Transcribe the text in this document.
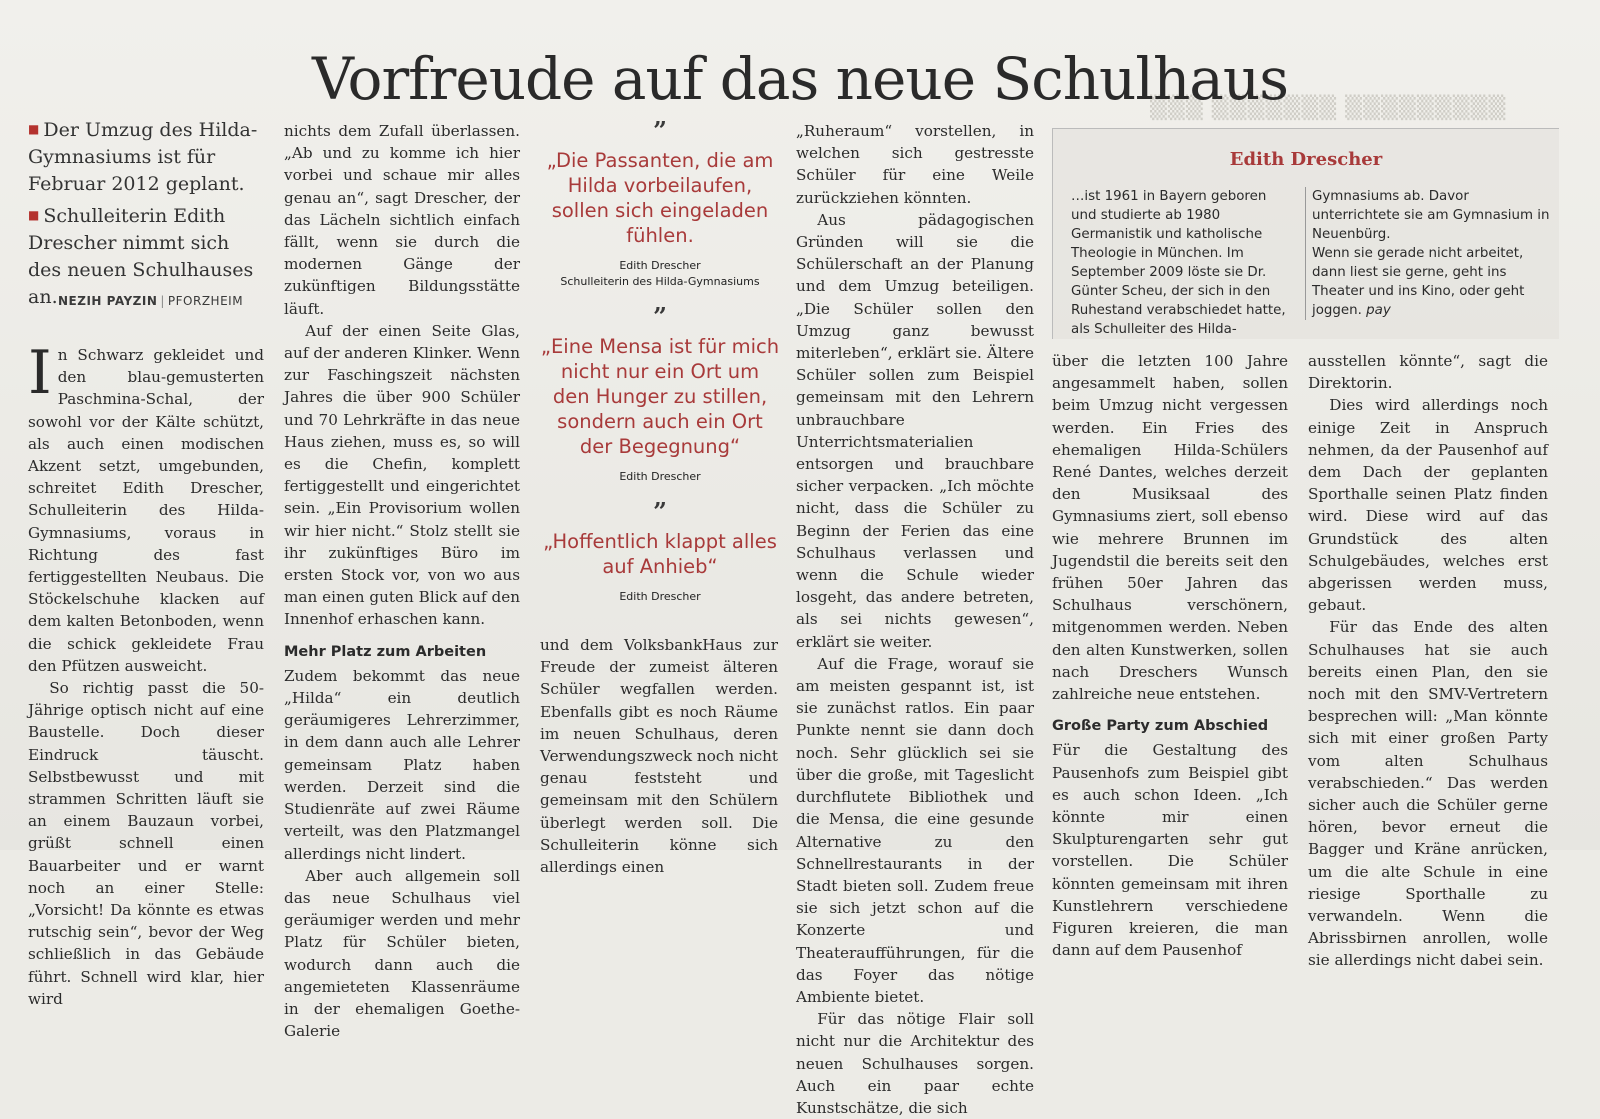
▒▒▒ ▒▒▒▒▒▒▒ ▒▒▒▒▒▒▒▒▒
Vorfreude auf das neue Schulhaus
■ Der Umzug des Hilda-Gymnasiums ist für Februar 2012 geplant.
■ Schulleiterin Edith Drescher nimmt sich des neuen Schulhauses an. NEZIH PAYZIN | PFORZHEIM

In Schwarz gekleidet und den blau-gemusterten Paschmina-Schal, der sowohl vor der Kälte schützt, als auch einen modischen Akzent setzt, umgebunden, schreitet Edith Drescher, Schulleiterin des Hilda-Gymnasiums, voraus in Richtung des fast fertiggestellten Neubaus. Die Stöckelschuhe klacken auf dem kalten Betonboden, wenn die schick gekleidete Frau den Pfützen ausweicht.

So richtig passt die 50-Jährige optisch nicht auf eine Baustelle. Doch dieser Eindruck täuscht. Selbstbewusst und mit strammen Schritten läuft sie an einem Bauzaun vorbei, grüßt schnell einen Bauarbeiter und er warnt noch an einer Stelle: „Vorsicht! Da könnte es etwas rutschig sein“, bevor der Weg schließlich in das Gebäude führt. Schnell wird klar, hier wird

nichts dem Zufall überlassen. „Ab und zu komme ich hier vorbei und schaue mir alles genau an“, sagt Drescher, der das Lächeln sichtlich einfach fällt, wenn sie durch die modernen Gänge der zukünftigen Bildungsstätte läuft.

Auf der einen Seite Glas, auf der anderen Klinker. Wenn zur Faschingszeit nächsten Jahres die über 900 Schüler und 70 Lehrkräfte in das neue Haus ziehen, muss es, so will es die Chefin, komplett fertiggestellt und eingerichtet sein. „Ein Provisorium wollen wir hier nicht.“ Stolz stellt sie ihr zukünftiges Büro im ersten Stock vor, von wo aus man einen guten Blick auf den Innenhof erhaschen kann.

Mehr Platz zum Arbeiten

Zudem bekommt das neue „Hilda“ ein deutlich geräumigeres Lehrerzimmer, in dem dann auch alle Lehrer gemeinsam Platz haben werden. Derzeit sind die Studienräte auf zwei Räume verteilt, was den Platzmangel allerdings nicht lindert.

Aber auch allgemein soll das neue Schulhaus viel geräumiger werden und mehr Platz für Schüler bieten, wodurch dann auch die angemieteten Klassenräume in der ehemaligen Goethe-Galerie

”
„Die Passanten, die am Hilda vorbeilaufen, sollen sich eingeladen fühlen.
Edith Drescher
Schulleiterin des Hilda-Gymnasiums
”
„Eine Mensa ist für mich nicht nur ein Ort um den Hunger zu stillen, sondern auch ein Ort der Begegnung“
Edith Drescher
”
„Hoffentlich klappt alles auf Anhieb“
Edith Drescher

und dem VolksbankHaus zur Freude der zumeist älteren Schüler wegfallen werden. Ebenfalls gibt es noch Räume im neuen Schulhaus, deren Verwendungszweck noch nicht genau feststeht und gemeinsam mit den Schülern überlegt werden soll. Die Schulleiterin könne sich allerdings einen

„Ruheraum“ vorstellen, in welchen sich gestresste Schüler für eine Weile zurückziehen könnten.

Aus pädagogischen Gründen will sie die Schülerschaft an der Planung und dem Umzug beteiligen. „Die Schüler sollen den Umzug ganz bewusst miterleben“, erklärt sie. Ältere Schüler sollen zum Beispiel gemeinsam mit den Lehrern unbrauchbare Unterrichtsmaterialien entsorgen und brauchbare sicher verpacken. „Ich möchte nicht, dass die Schüler zu Beginn der Ferien das eine Schulhaus verlassen und wenn die Schule wieder losgeht, das andere betreten, als sei nichts gewesen“, erklärt sie weiter.

Auf die Frage, worauf sie am meisten gespannt ist, ist sie zunächst ratlos. Ein paar Punkte nennt sie dann doch noch. Sehr glücklich sei sie über die große, mit Tageslicht durchflutete Bibliothek und die Mensa, die eine gesunde Alternative zu den Schnellrestaurants in der Stadt bieten soll. Zudem freue sie sich jetzt schon auf die Konzerte und Theateraufführungen, für die das Foyer das nötige Ambiente bietet.

Für das nötige Flair soll nicht nur die Architektur des neuen Schulhauses sorgen. Auch ein paar echte Kunstschätze, die sich

Edith Drescher
…ist 1961 in Bayern geboren und studierte ab 1980 Germanistik und katholische Theologie in München. Im September 2009 löste sie Dr. Günter Scheu, der sich in den Ruhestand verabschiedet hatte, als Schulleiter des Hilda-
Gymnasiums ab. Davor unterrichtete sie am Gymnasium in Neuenbürg.
Wenn sie gerade nicht arbeitet, dann liest sie gerne, geht ins Theater und ins Kino, oder geht joggen. pay

über die letzten 100 Jahre angesammelt haben, sollen beim Umzug nicht vergessen werden. Ein Fries des ehemaligen Hilda-Schülers René Dantes, welches derzeit den Musiksaal des Gymnasiums ziert, soll ebenso wie mehrere Brunnen im Jugendstil die bereits seit den frühen 50er Jahren das Schulhaus verschönern, mitgenommen werden. Neben den alten Kunstwerken, sollen nach Dreschers Wunsch zahlreiche neue entstehen.

Große Party zum Abschied

Für die Gestaltung des Pausenhofs zum Beispiel gibt es auch schon Ideen. „Ich könnte mir einen Skulpturengarten sehr gut vorstellen. Die Schüler könnten gemeinsam mit ihren Kunstlehrern verschiedene Figuren kreieren, die man dann auf dem Pausenhof

ausstellen könnte“, sagt die Direktorin.

Dies wird allerdings noch einige Zeit in Anspruch nehmen, da der Pausenhof auf dem Dach der geplanten Sporthalle seinen Platz finden wird. Diese wird auf das Grundstück des alten Schulgebäudes, welches erst abgerissen werden muss, gebaut.

Für das Ende des alten Schulhauses hat sie auch bereits einen Plan, den sie noch mit den SMV-Vertretern besprechen will: „Man könnte sich mit einer großen Party vom alten Schulhaus verabschieden.“ Das werden sicher auch die Schüler gerne hören, bevor erneut die Bagger und Kräne anrücken, um die alte Schule in eine riesige Sporthalle zu verwandeln. Wenn die Abrissbirnen anrollen, wolle sie allerdings nicht dabei sein.
